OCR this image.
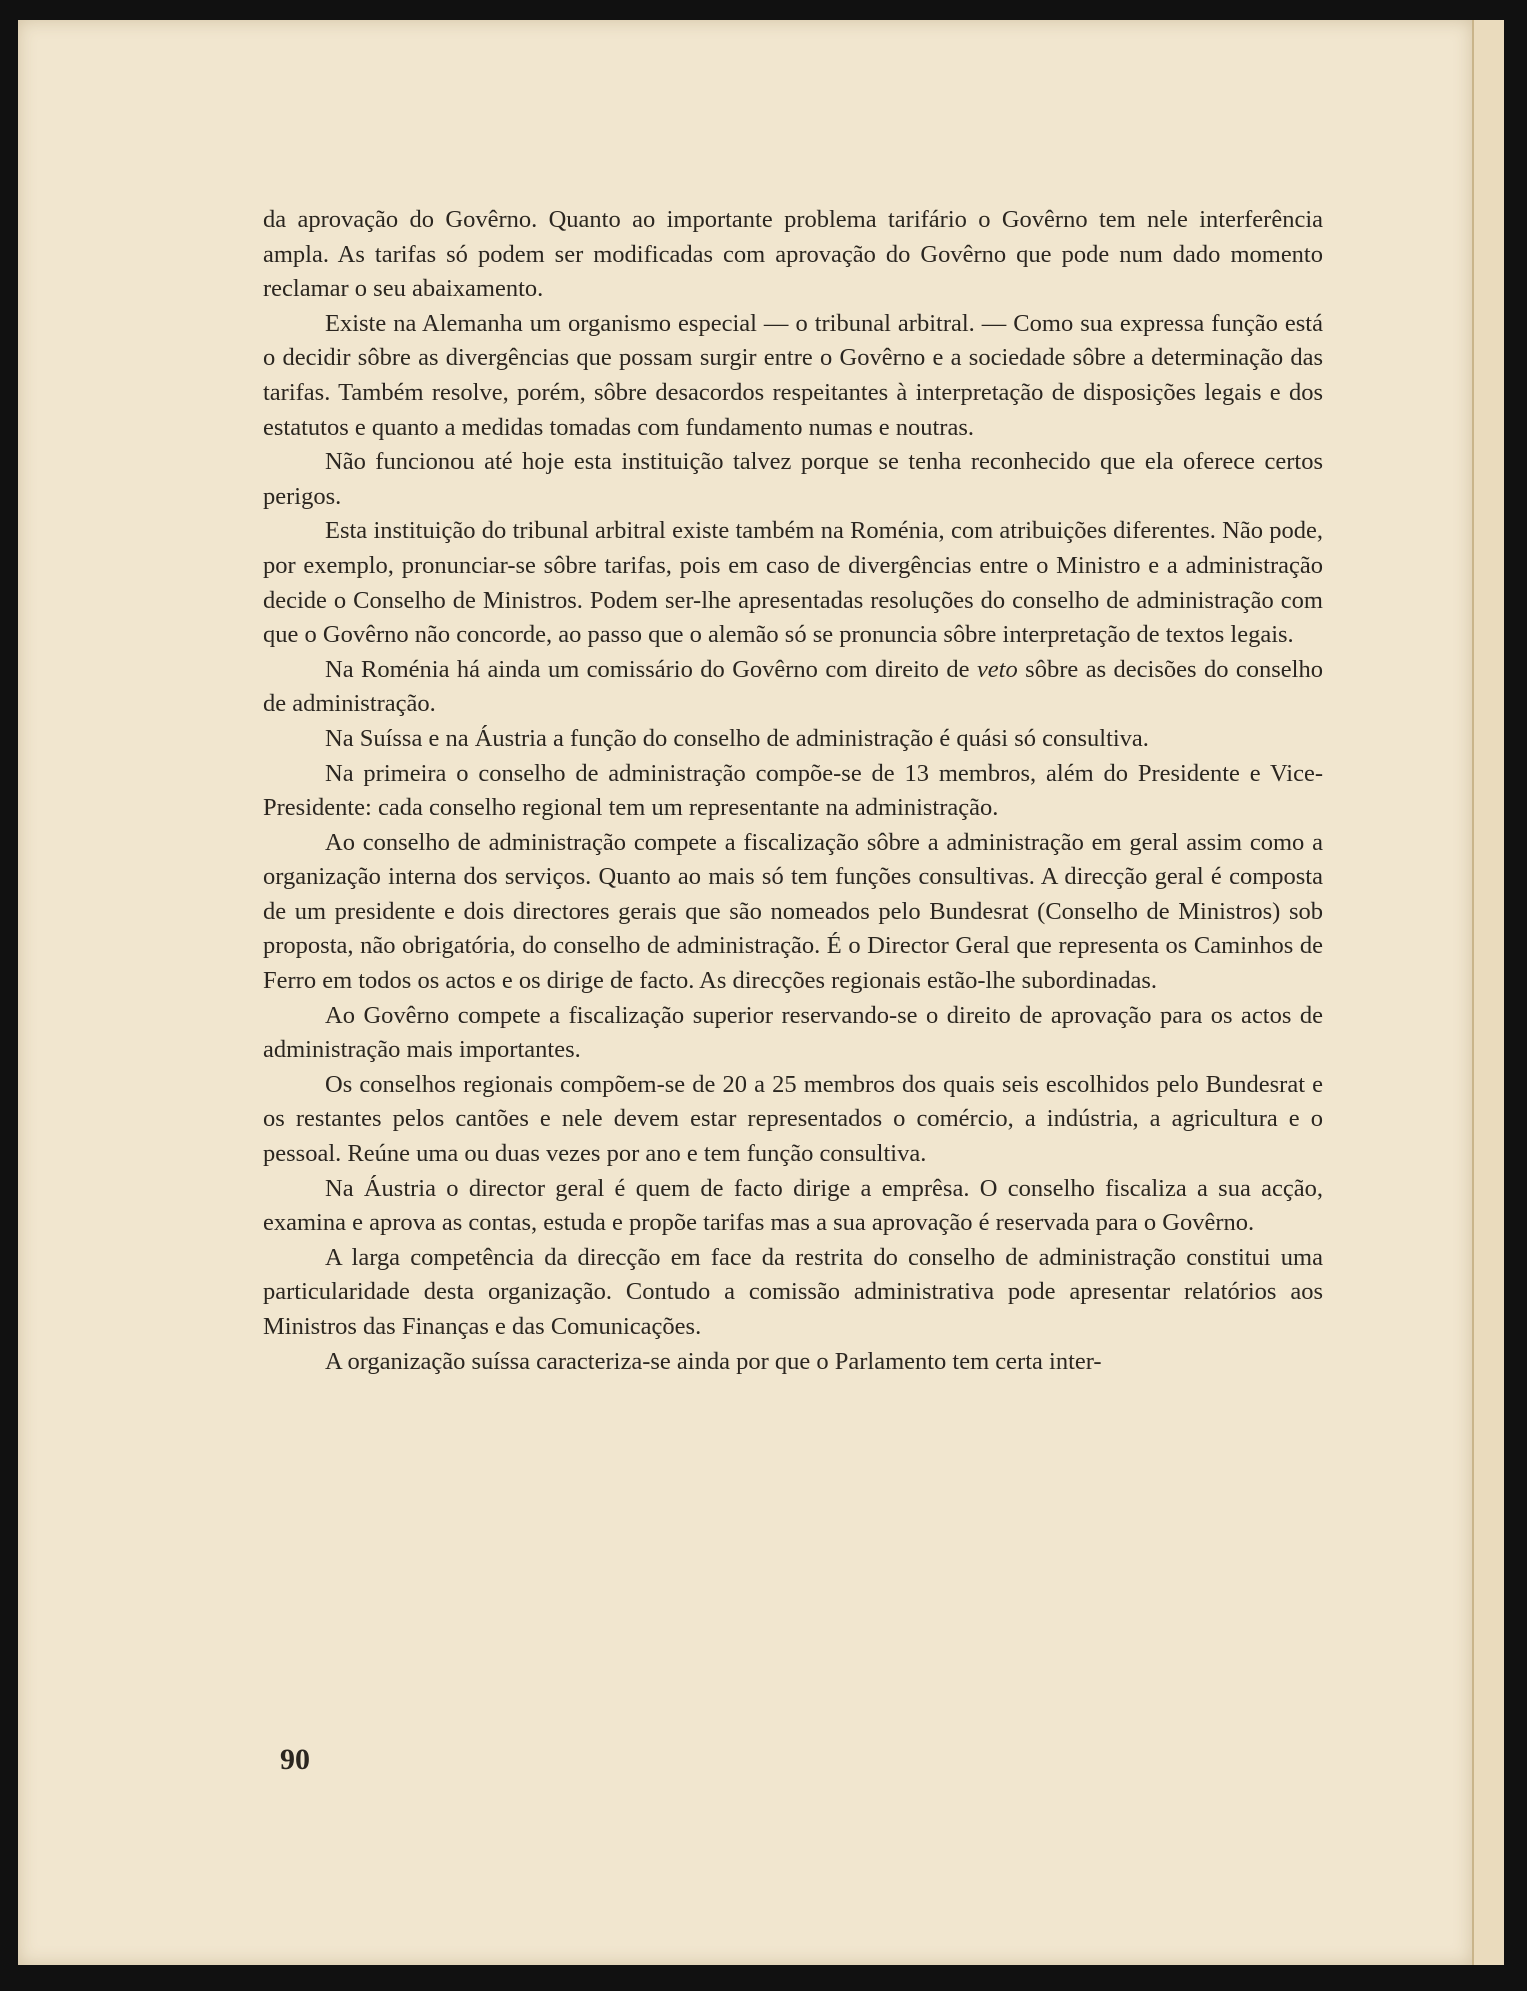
da aprovação do Govêrno. Quanto ao importante problema tarifário o Govêrno tem nele interferência ampla. As tarifas só podem ser modificadas com aprovação do Govêrno que pode num dado momento reclamar o seu abaixamento.

Existe na Alemanha um organismo especial — o tribunal arbitral. — Como sua expressa função está o decidir sôbre as divergências que possam surgir entre o Govêrno e a sociedade sôbre a determinação das tarifas. Também resolve, porém, sôbre desacordos respeitantes à interpretação de disposições legais e dos estatutos e quanto a medidas tomadas com fundamento numas e noutras.

Não funcionou até hoje esta instituição talvez porque se tenha reconhecido que ela oferece certos perigos.

Esta instituição do tribunal arbitral existe também na Roménia, com atribuições diferentes. Não pode, por exemplo, pronunciar-se sôbre tarifas, pois em caso de divergências entre o Ministro e a administração decide o Conselho de Ministros. Podem ser-lhe apresentadas resoluções do conselho de administração com que o Govêrno não concorde, ao passo que o alemão só se pronuncia sôbre interpretação de textos legais.

Na Roménia há ainda um comissário do Govêrno com direito de veto sôbre as decisões do conselho de administração.

Na Suíssa e na Áustria a função do conselho de administração é quási só consultiva.

Na primeira o conselho de administração compõe-se de 13 membros, além do Presidente e Vice-Presidente: cada conselho regional tem um representante na administração.

Ao conselho de administração compete a fiscalização sôbre a administração em geral assim como a organização interna dos serviços. Quanto ao mais só tem funções consultivas. A direcção geral é composta de um presidente e dois directores gerais que são nomeados pelo Bundesrat (Conselho de Ministros) sob proposta, não obrigatória, do conselho de administração. É o Director Geral que representa os Caminhos de Ferro em todos os actos e os dirige de facto. As direcções regionais estão-lhe subordinadas.

Ao Govêrno compete a fiscalização superior reservando-se o direito de aprovação para os actos de administração mais importantes.

Os conselhos regionais compõem-se de 20 a 25 membros dos quais seis escolhidos pelo Bundesrat e os restantes pelos cantões e nele devem estar representados o comércio, a indústria, a agricultura e o pessoal. Reúne uma ou duas vezes por ano e tem função consultiva.

Na Áustria o director geral é quem de facto dirige a emprêsa. O conselho fiscaliza a sua acção, examina e aprova as contas, estuda e propõe tarifas mas a sua aprovação é reservada para o Govêrno.

A larga competência da direcção em face da restrita do conselho de administração constitui uma particularidade desta organização. Contudo a comissão administrativa pode apresentar relatórios aos Ministros das Finanças e das Comunicações.

A organização suíssa caracteriza-se ainda por que o Parlamento tem certa inter-

90
